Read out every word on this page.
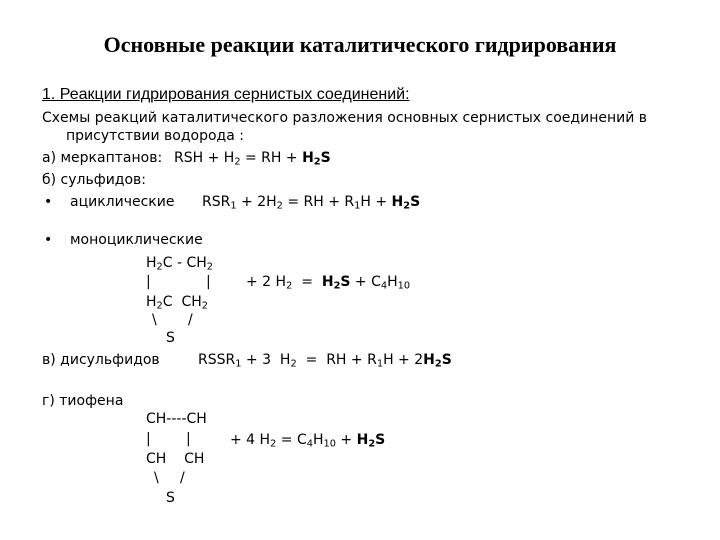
Основные реакции каталитического гидрирования
1. Реакции гидрирования сернистых соединений:
Схемы реакций каталитического разложения основных сернистых соединений в
присутствии водорода :
а) меркаптанов: RSH + $H_2$ = RH + $H_2S$
б) сульфидов:
• ациклические $RSR_1 + 2H_2$ = RH + $R_1H + H_2S$
• моноциклические
$H_2C - CH_2$
|	|
$H_2C$  $CH_2$
\ /
S
+ 2 $H_2 = H_2S + C_4H_{10}$
в) дисульфидов	$RSSR_1 + 3$  $H_2$  =  RH + $R_1H + 2H_2S$
г) тиофена
CH----CH
|	|
CH    CH
\ /
S
+ 4 $H_2 = C_4H_{10} + H_2S$
